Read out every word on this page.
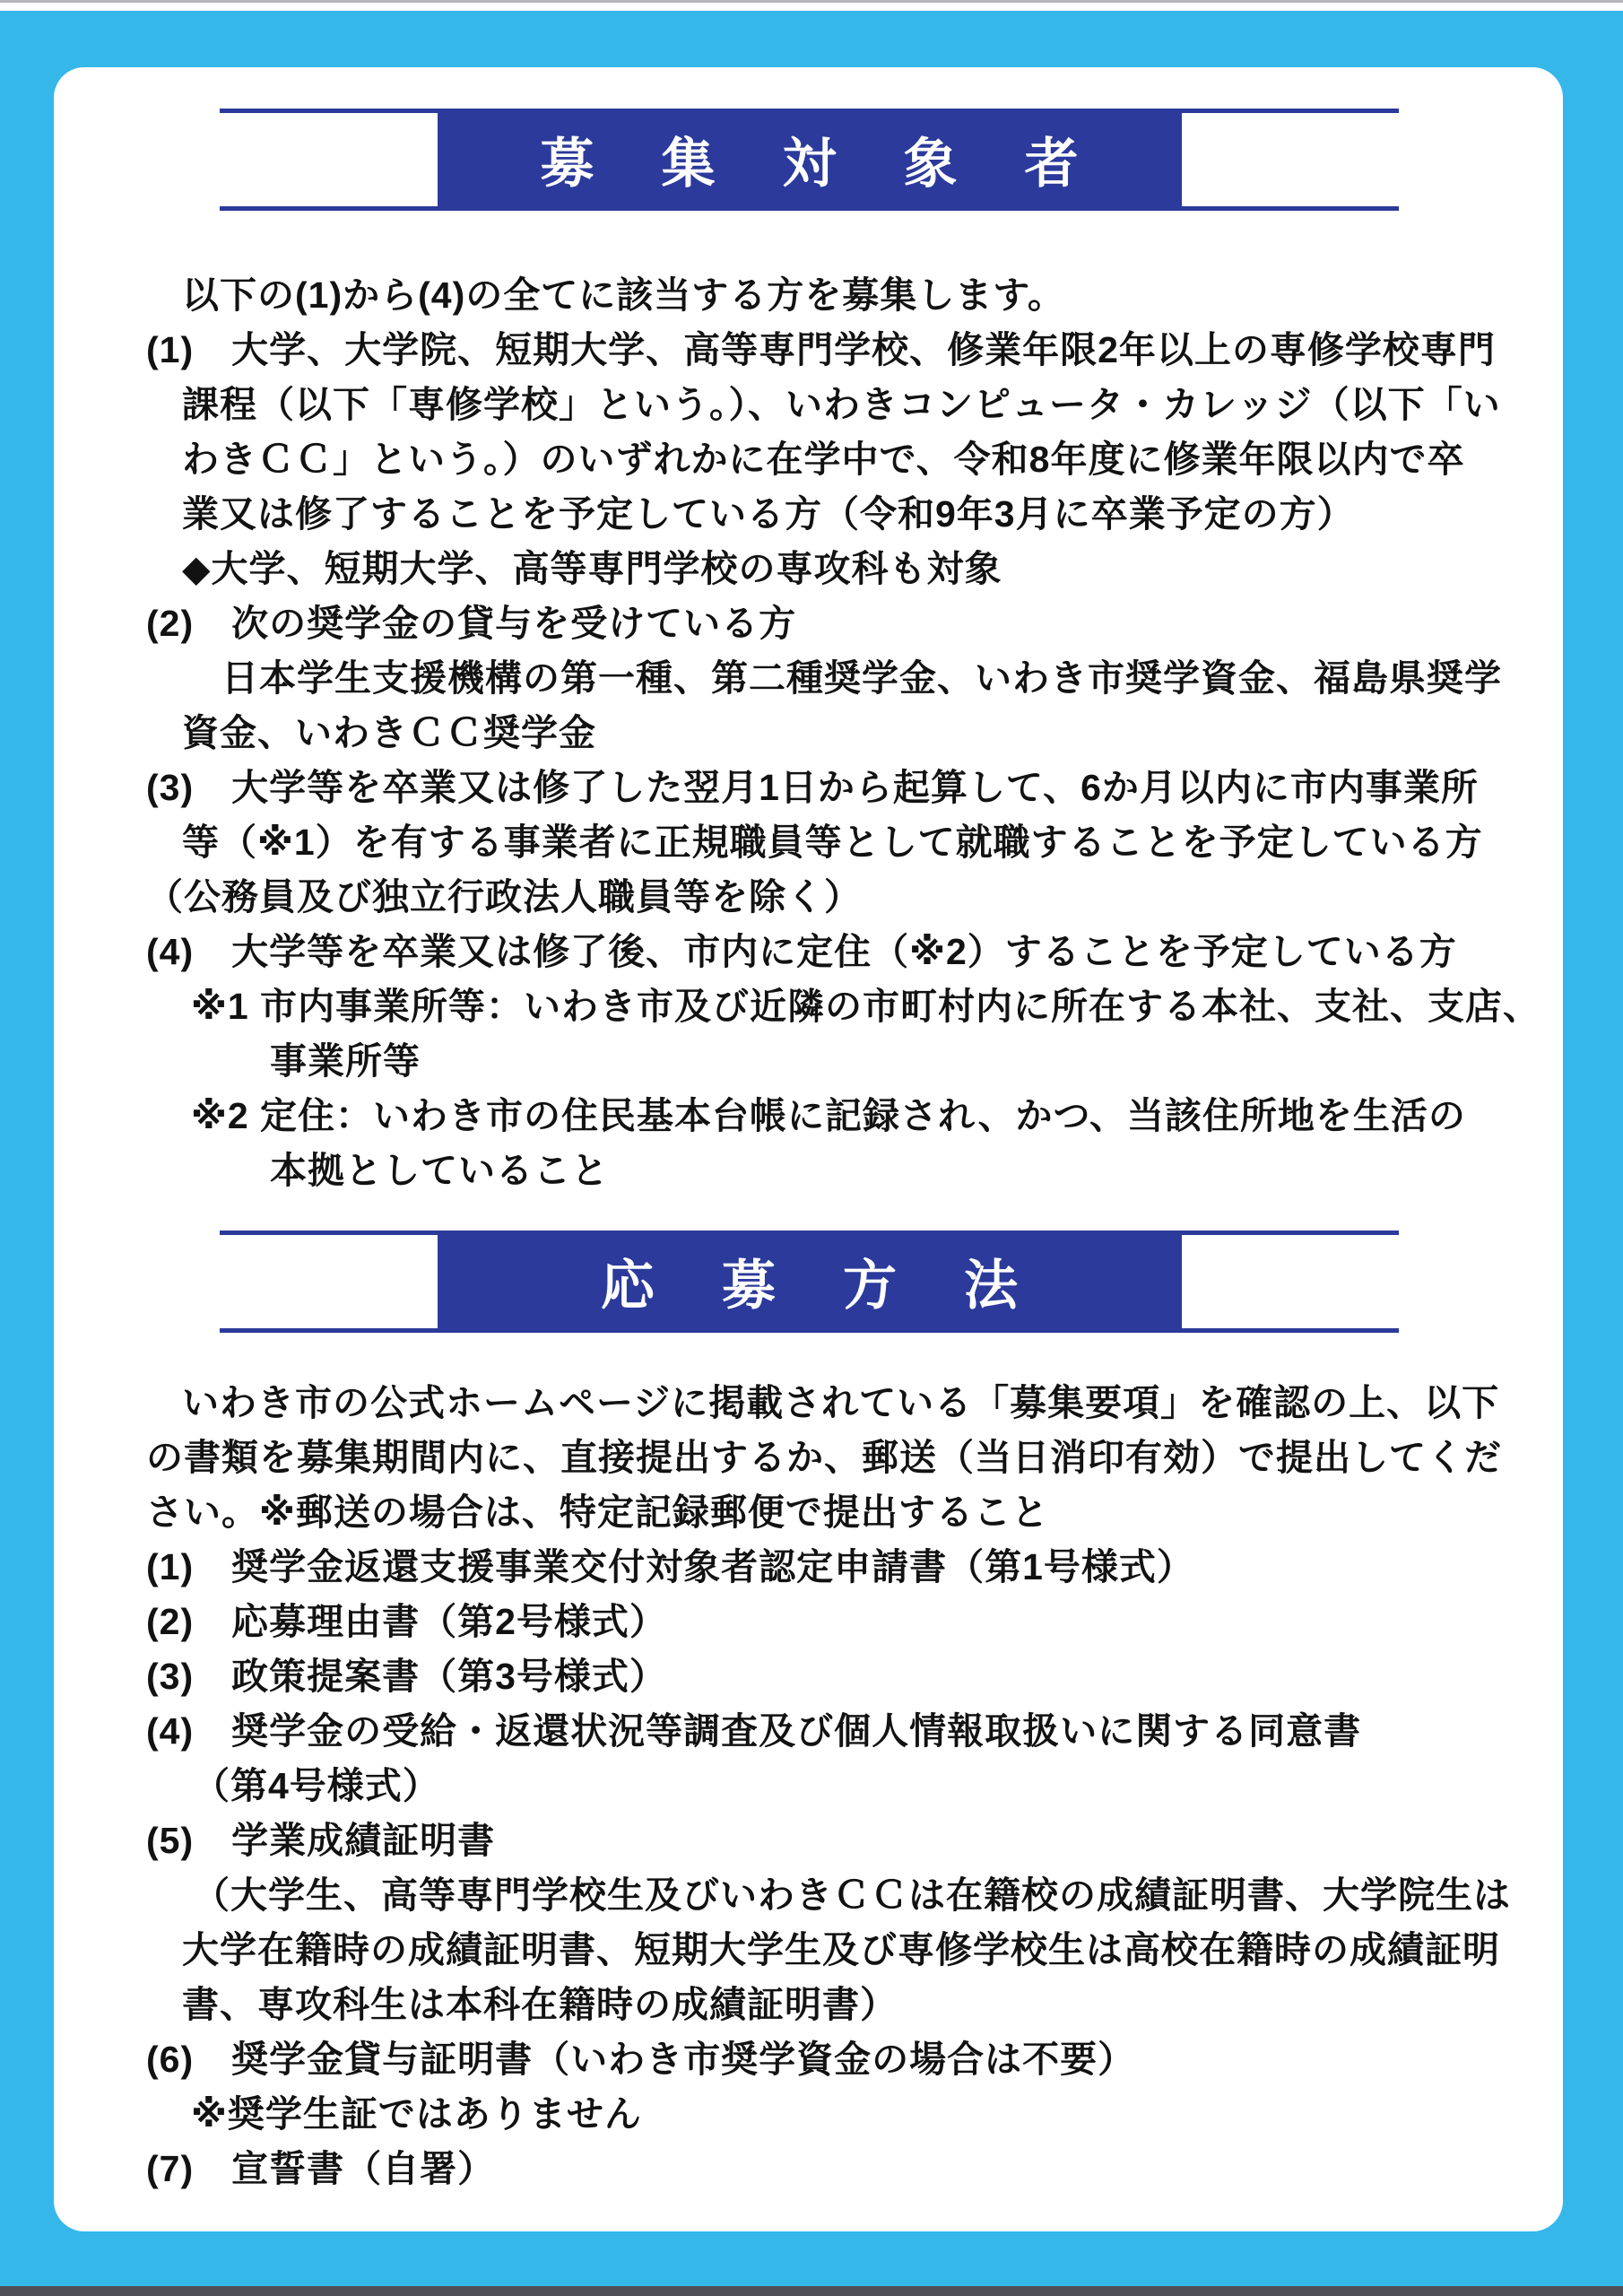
募集対象者
以下の(1)から(4)の全てに該当する方を募集します。
(1)　大学、大学院、短期大学、高等専門学校、修業年限2年以上の専修学校専門
課程（以下「専修学校」という。）、いわきコンピュータ・カレッジ（以下「い
わきＣＣ」という。）のいずれかに在学中で、令和8年度に修業年限以内で卒
業又は修了することを予定している方（令和9年3月に卒業予定の方）
◆大学、短期大学、高等専門学校の専攻科も対象
(2)　次の奨学金の貸与を受けている方
日本学生支援機構の第一種、第二種奨学金、いわき市奨学資金、福島県奨学
資金、いわきＣＣ奨学金
(3)　大学等を卒業又は修了した翌月1日から起算して、6か月以内に市内事業所
等（※1）を有する事業者に正規職員等として就職することを予定している方
（公務員及び独立行政法人職員等を除く）
(4)　大学等を卒業又は修了後、市内に定住（※2）することを予定している方
※1 市内事業所等：いわき市及び近隣の市町村内に所在する本社、支社、支店、
事業所等
※2 定住：いわき市の住民基本台帳に記録され、かつ、当該住所地を生活の
本拠としていること
応募方法
いわき市の公式ホームページに掲載されている「募集要項」を確認の上、以下
の書類を募集期間内に、直接提出するか、郵送（当日消印有効）で提出してくだ
さい。※郵送の場合は、特定記録郵便で提出すること
(1)　奨学金返還支援事業交付対象者認定申請書（第1号様式）
(2)　応募理由書（第2号様式）
(3)　政策提案書（第3号様式）
(4)　奨学金の受給・返還状況等調査及び個人情報取扱いに関する同意書
（第4号様式）
(5)　学業成績証明書
（大学生、高等専門学校生及びいわきＣＣは在籍校の成績証明書、大学院生は
大学在籍時の成績証明書、短期大学生及び専修学校生は高校在籍時の成績証明
書、専攻科生は本科在籍時の成績証明書）
(6)　奨学金貸与証明書（いわき市奨学資金の場合は不要）
※奨学生証ではありません
(7)　宣誓書（自署）
